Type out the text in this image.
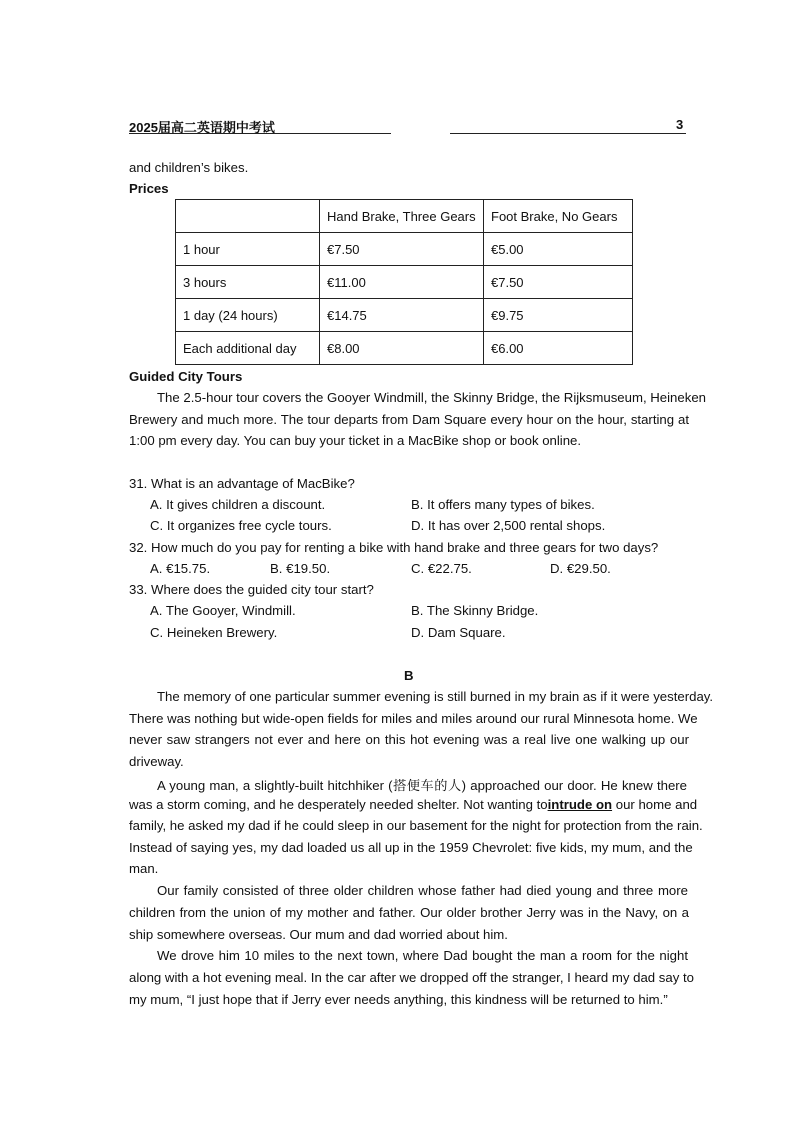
2025届高二英语期中考试	3
and children’s bikes.
Prices
	Hand Brake, Three Gears	Foot Brake, No Gears
1 hour	€7.50	€5.00
3 hours	€11.00	€7.50
1 day (24 hours)	€14.75	€9.75
Each additional day	€8.00	€6.00
Guided City Tours
The 2.5-hour tour covers the Gooyer Windmill, the Skinny Bridge, the Rijksmuseum, Heineken
Brewery and much more. The tour departs from Dam Square every hour on the hour, starting at
1:00 pm every day. You can buy your ticket in a MacBike shop or book online.
31. What is an advantage of MacBike?
A. It gives children a discount.	B. It offers many types of bikes.
C. It organizes free cycle tours.	D. It has over 2,500 rental shops.
32. How much do you pay for renting a bike with hand brake and three gears for two days?
A. €15.75.	B. €19.50.	C. €22.75.	D. €29.50.
33. Where does the guided city tour start?
A. The Gooyer, Windmill.	B. The Skinny Bridge.
C. Heineken Brewery.	D. Dam Square.
B
The memory of one particular summer evening is still burned in my brain as if it were yesterday.
There was nothing but wide-open fields for miles and miles around our rural Minnesota home. We
never saw strangers not ever and here on this hot evening was a real live one walking up our
driveway.
A young man, a slightly-built hitchhiker (搭便车的人) approached our door. He knew there
was a storm coming, and he desperately needed shelter. Not wanting to intrude on our home and
family, he asked my dad if he could sleep in our basement for the night for protection from the rain.
Instead of saying yes, my dad loaded us all up in the 1959 Chevrolet: five kids, my mum, and the
man.
Our family consisted of three older children whose father had died young and three more
children from the union of my mother and father. Our older brother Jerry was in the Navy, on a
ship somewhere overseas. Our mum and dad worried about him.
We drove him 10 miles to the next town, where Dad bought the man a room for the night
along with a hot evening meal. In the car after we dropped off the stranger, I heard my dad say to
my mum, “I just hope that if Jerry ever needs anything, this kindness will be returned to him.”
